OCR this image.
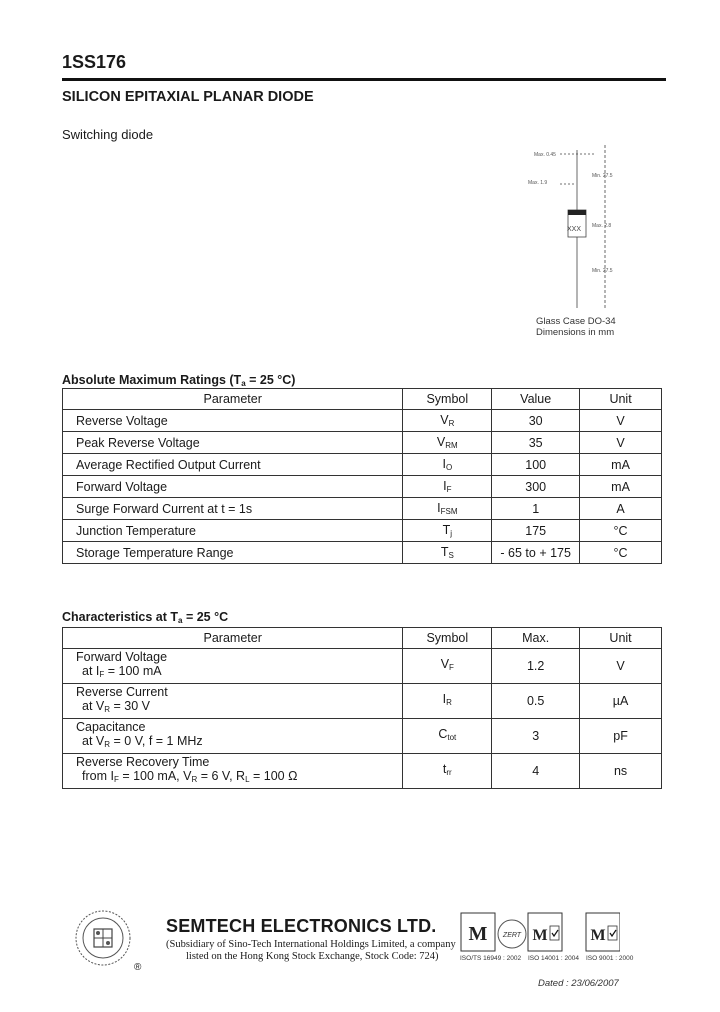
1SS176
SILICON EPITAXIAL PLANAR DIODE
Switching diode
Max. 0.45
Max. 1.9
Min. 27.5
Max. 2.8
Min. 27.5
XXX
Glass Case DO-34
Dimensions in mm
Absolute Maximum Ratings ($T_a = 25$ °C)
Parameter	Symbol	Value	Unit
Reverse Voltage	$V_R$	30	V
Peak Reverse Voltage	$V_{RM}$	35	V
Average Rectified Output Current	$I_O$	100	mA
Forward Voltage	$I_F$	300	mA
Surge Forward Current at t = 1s	$I_{FSM}$	1	A
Junction Temperature	$T_j$	175	°C
Storage Temperature Range	$T_S$	- 65 to + 175	°C
Characteristics at $T_a = 25$ °C
Parameter	Symbol	Max.	Unit

Forward Voltage
at $I_F = 100$ mA	$V_F$	1.2	V

Reverse Current
at $V_R = 30$ V	$I_R$	0.5	µA

Capacitance
at $V_R = 0$ V, f = 1 MHz	$C_{tot}$	3	pF

Reverse Recovery Time
from $I_F = 100$ mA, $V_R = 6$ V, $R_L = 100$ Ω	$t_{rr}$	4	ns
®
SEMTECH ELECTRONICS LTD.
(Subsidiary of Sino-Tech International Holdings Limited, a company
listed on the Hong Kong Stock Exchange, Stock Code: 724)
M ZERT M	M
ISO/TS 16949 : 2002 ISO 14001 : 2004 ISO 9001 : 2000
Dated : 23/06/2007
